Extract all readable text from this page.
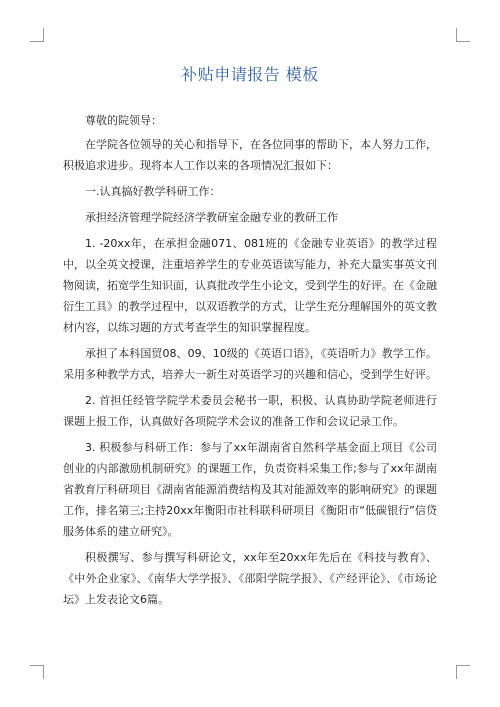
补贴申请报告 模板

尊敬的院领导：

在学院各位领导的关心和指导下，在各位同事的帮助下，本人努力工作，积极追求进步。现将本人工作以来的各项情况汇报如下：

一.认真搞好教学科研工作：

承担经济管理学院经济学教研室金融专业的教研工作

1. -20xx年，在承担金融071、081班的《金融专业英语》的教学过程中，以全英文授课，注重培养学生的专业英语读写能力，补充大量实事英文刊物阅读，拓宽学生知识面，认真批改学生小论文，受到学生的好评。在《金融衍生工具》的教学过程中，以双语教学的方式，让学生充分理解国外的英文教材内容，以练习题的方式考查学生的知识掌握程度。

承担了本科国贸08、09、10级的《英语口语》，《英语听力》教学工作。采用多种教学方式，培养大一新生对英语学习的兴趣和信心，受到学生好评。

2. 首担任经管学院学术委员会秘书一职，积极、认真协助学院老师进行课题上报工作，认真做好各项院学术会议的准备工作和会议记录工作。

3. 积极参与科研工作：参与了xx年湖南省自然科学基金面上项目《公司创业的内部激励机制研究》的课题工作，负责资料采集工作;参与了xx年湖南省教育厅科研项目《湖南省能源消费结构及其对能源效率的影响研究》的课题工作，排名第三;主持20xx年衡阳市社科联科研项目《衡阳市“低碳银行”信贷服务体系的建立研究》。

积极撰写、参与撰写科研论文，xx年至20xx年先后在《科技与教育》、《中外企业家》、《南华大学学报》、《邵阳学院学报》、《产经评论》、《市场论坛》上发表论文6篇。
